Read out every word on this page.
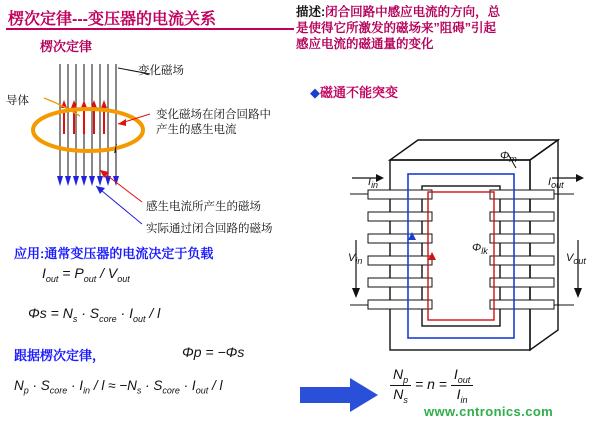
楞次定律---变压器的电流关系
楞次定律
描述:闭合回路中感应电流的方向，总
是使得它所激发的磁场来”阻碍”引起
感应电流的磁通量的变化
◆磁通不能突变
变化磁场
导体
变化磁场在闭合回路中
产生的感生电流
感生电流所产生的磁场
实际通过闭合回路的磁场
i
应用:通常变压器的电流决定于负载
$I_{out} = P_{out} / V_{out}$
$\Phi s = N_s \cdot S_{core} \cdot I_{out} / l$
跟据楞次定律，	Φp = −Φs
$N_p \cdot S_{core} \cdot I_{in} / l \approx -N_s \cdot S_{core} \cdot I_{out} / l$	$\frac{N_p}{N_s} = n = \frac{I_{out}}{I_{in}}$
$I_{in}$	$I_{out}$
$V_{in}$	$V_{out}$
$\Phi_m$
$\Phi_{lk}$
www.cntronics.com
